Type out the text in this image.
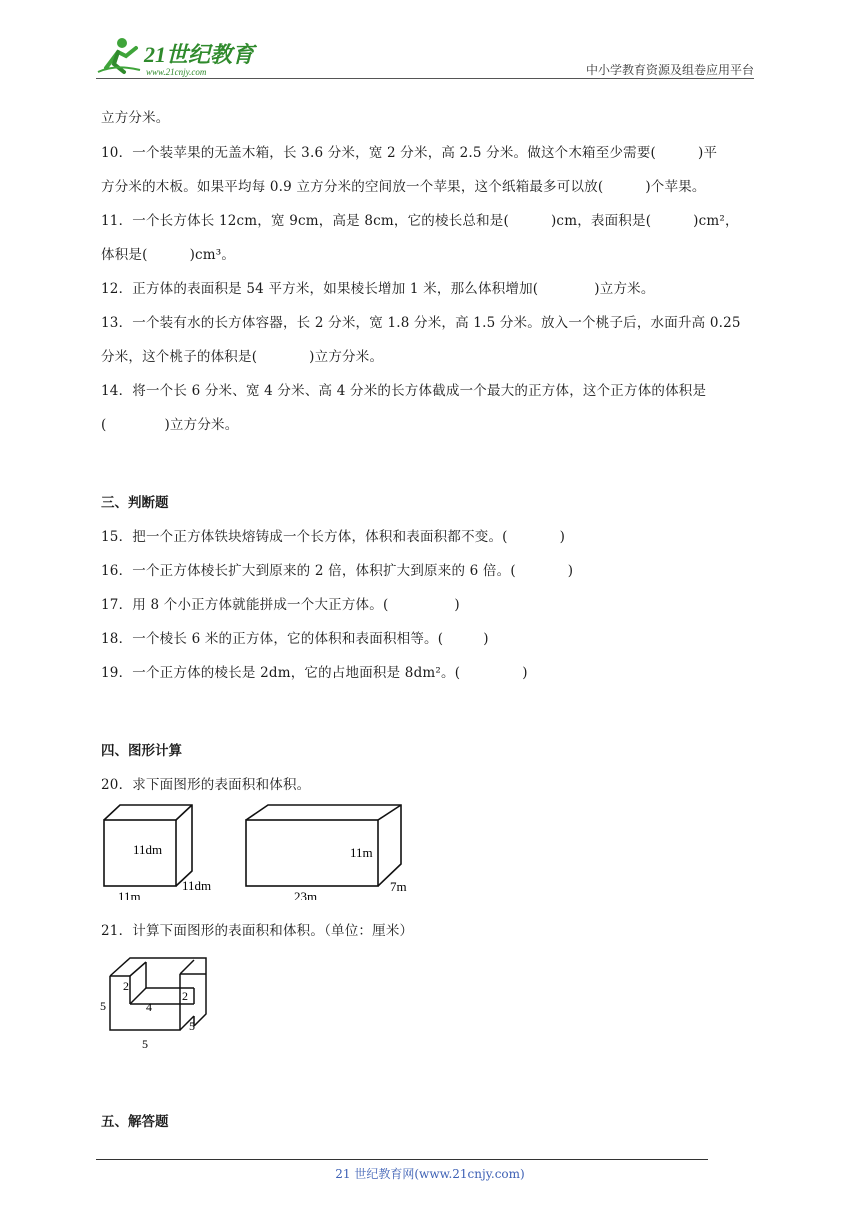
21世纪教育
www.21cnjy.com	中小学教育资源及组卷应用平台
立方分米。
10．一个装苹果的无盖木箱，长 3.6 分米，宽 2 分米，高 2.5 分米。做这个木箱至少需要(	)平
方分米的木板。如果平均每 0.9 立方分米的空间放一个苹果，这个纸箱最多可以放(	)个苹果。
11．一个长方体长 12cm，宽 9cm，高是 8cm，它的棱长总和是(	)cm，表面积是(	)cm²，
体积是(	)cm³。
12．正方体的表面积是 54 平方米，如果棱长增加 1 米，那么体积增加(	)立方米。
13．一个装有水的长方体容器，长 2 分米，宽 1.8 分米，高 1.5 分米。放入一个桃子后，水面升高 0.25
分米，这个桃子的体积是(	)立方分米。
14．将一个长 6 分米、宽 4 分米、高 4 分米的长方体截成一个最大的正方体，这个正方体的体积是
(	)立方分米。
三、判断题
15．把一个正方体铁块熔铸成一个长方体，体积和表面积都不变。(	)
16．一个正方体棱长扩大到原来的 2 倍，体积扩大到原来的 6 倍。(	)
17．用 8 个小正方体就能拼成一个大正方体。(	)
18．一个棱长 6 米的正方体，它的体积和表面积相等。(	)
19．一个正方体的棱长是 2dm，它的占地面积是 8dm²。(	)
四、图形计算
20．求下面图形的表面积和体积。
11dm
11dm
11m
11m
7m
23m
21．计算下面图形的表面积和体积。（单位：厘米）
5
2
4
2
5
5
五、解答题
21 世纪教育网(www.21cnjy.com)
